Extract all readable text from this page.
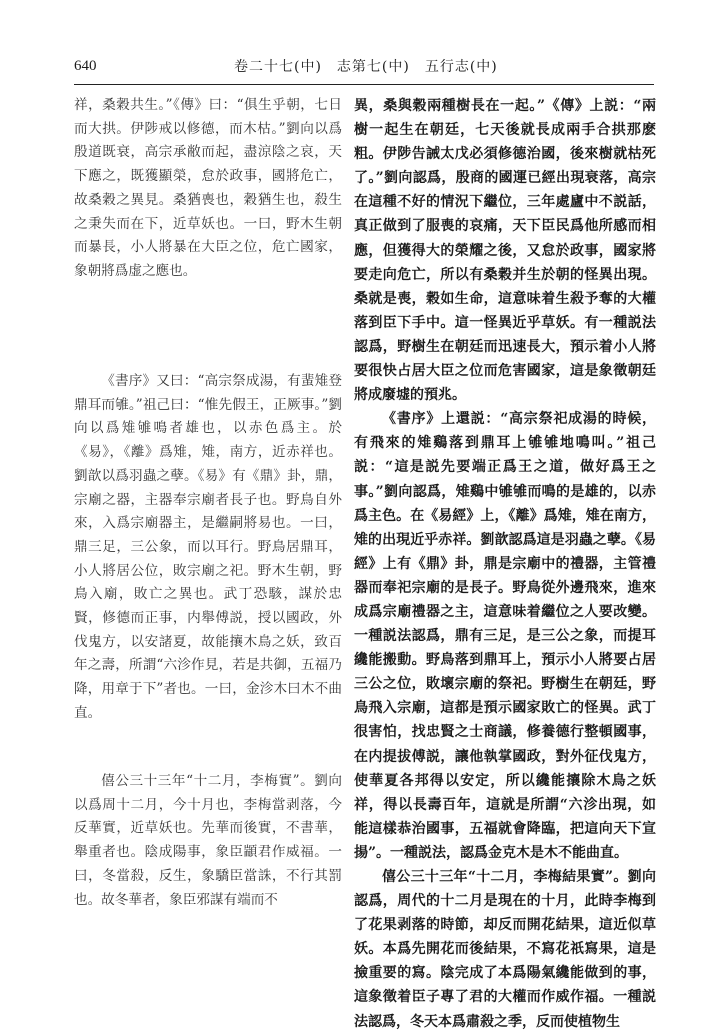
640	卷二十七(中)　志第七(中)　五行志(中)

祥，桑穀共生。”《傳》曰：“俱生乎朝，七日而大拱。伊陟戒以修德，而木枯。”劉向以爲殷道既衰，高宗承敝而起，盡涼陰之哀，天下應之，既獲顯榮，怠於政事，國將危亡，故桑穀之異見。桑猶喪也，穀猶生也，殺生之秉失而在下，近草妖也。一曰，野木生朝而暴長，小人將暴在大臣之位，危亡國家，象朝將爲虚之應也。

《書序》又曰：“高宗祭成湯，有蜚雉登鼎耳而雊。”祖己曰：“惟先假王，正厥事。”劉向以爲雉雊鳴者雄也，以赤色爲主。於《易》，《離》爲雉，雉，南方，近赤祥也。劉歆以爲羽蟲之孽。《易》有《鼎》卦，鼎，宗廟之器，主器奉宗廟者長子也。野鳥自外來，入爲宗廟器主，是繼嗣將易也。一曰，鼎三足，三公象，而以耳行。野鳥居鼎耳，小人將居公位，敗宗廟之祀。野木生朝，野鳥入廟，敗亡之異也。武丁恐駭，謀於忠賢，修德而正事，内舉傅説，授以國政，外伐鬼方，以安諸夏，故能攘木鳥之妖，致百年之壽，所謂“六沴作見，若是共御，五福乃降，用章于下”者也。一曰，金沴木曰木不曲直。

僖公三十三年“十二月，李梅實”。劉向以爲周十二月，今十月也，李梅當剥落，今反華實，近草妖也。先華而後實，不書華，舉重者也。陰成陽事，象臣顓君作威福。一曰，冬當殺，反生，象驕臣當誅，不行其罰也。故冬華者，象臣邪謀有端而不

異，桑與穀兩種樹長在一起。”《傳》上説：“兩樹一起生在朝廷，七天後就長成兩手合拱那麽粗。伊陟告誡太戊必須修德治國，後來樹就枯死了。”劉向認爲，殷商的國運已經出現衰落，高宗在這種不好的情況下繼位，三年處廬中不説話，真正做到了服喪的哀痛，天下臣民爲他所感而相應，但獲得大的榮耀之後，又怠於政事，國家將要走向危亡，所以有桑穀并生於朝的怪異出現。桑就是喪，穀如生命，這意味着生殺予奪的大權落到臣下手中。這一怪異近乎草妖。有一種説法認爲，野樹生在朝廷而迅速長大，預示着小人將要很快占居大臣之位而危害國家，這是象徵朝廷將成廢墟的預兆。

《書序》上還説：“高宗祭祀成湯的時候，有飛來的雉鷄落到鼎耳上雊雊地鳴叫。”祖己説：“這是説先要端正爲王之道，做好爲王之事。”劉向認爲，雉鷄中雊雊而鳴的是雄的，以赤爲主色。在《易經》上，《離》爲雉，雉在南方，雉的出現近乎赤祥。劉歆認爲這是羽蟲之孽。《易經》上有《鼎》卦，鼎是宗廟中的禮器，主管禮器而奉祀宗廟的是長子。野鳥從外邊飛來，進來成爲宗廟禮器之主，這意味着繼位之人要改變。一種説法認爲，鼎有三足，是三公之象，而提耳纔能搬動。野鳥落到鼎耳上，預示小人將要占居三公之位，敗壞宗廟的祭祀。野樹生在朝廷，野鳥飛入宗廟，這都是預示國家敗亡的怪異。武丁很害怕，找忠賢之士商議，修養德行整頓國事，在内提拔傅説，讓他執掌國政，對外征伐鬼方，使華夏各邦得以安定，所以纔能攘除木鳥之妖祥，得以長壽百年，這就是所謂“六沴出現，如能這樣恭治國事，五福就會降臨，把這向天下宣揚”。一種説法，認爲金克木是木不能曲直。

僖公三十三年“十二月，李梅結果實”。劉向認爲，周代的十二月是現在的十月，此時李梅到了花果剥落的時節，却反而開花結果，這近似草妖。本爲先開花而後結果，不寫花祇寫果，這是撿重要的寫。陰完成了本爲陽氣纔能做到的事，這象徵着臣子專了君的大權而作威作福。一種説法認爲，冬天本爲肅殺之季，反而使植物生
